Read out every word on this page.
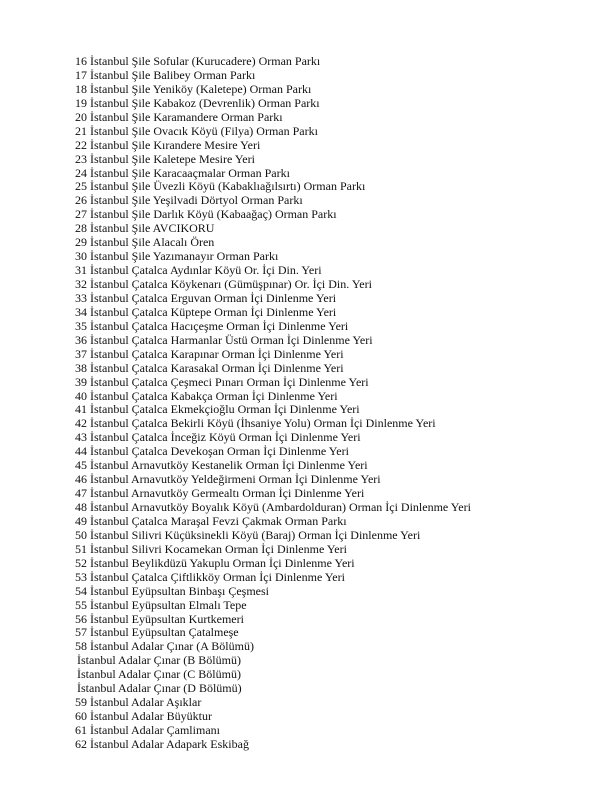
16 İstanbul Şile Sofular (Kurucadere) Orman Parkı
17 İstanbul Şile Balibey Orman Parkı
18 İstanbul Şile Yeniköy (Kaletepe) Orman Parkı
19 İstanbul Şile Kabakoz (Devrenlik) Orman Parkı
20 İstanbul Şile Karamandere Orman Parkı
21 İstanbul Şile Ovacık Köyü (Filya) Orman Parkı
22 İstanbul Şile Kırandere Mesire Yeri
23 İstanbul Şile Kaletepe Mesire Yeri
24 İstanbul Şile Karacaaçmalar Orman Parkı
25 İstanbul Şile Üvezli Köyü (Kabaklıağılsırtı) Orman Parkı
26 İstanbul Şile Yeşilvadi Dörtyol Orman Parkı
27 İstanbul Şile Darlık Köyü (Kabaağaç) Orman Parkı
28 İstanbul Şile AVCIKORU
29 İstanbul Şile Alacalı Ören
30 İstanbul Şile Yazımanayır Orman Parkı
31 İstanbul Çatalca Aydınlar Köyü Or. İçi Din. Yeri
32 İstanbul Çatalca Köykenarı (Gümüşpınar) Or. İçi Din. Yeri
33 İstanbul Çatalca Erguvan Orman İçi Dinlenme Yeri
34 İstanbul Çatalca Küptepe Orman İçi Dinlenme Yeri
35 İstanbul Çatalca Hacıçeşme Orman İçi Dinlenme Yeri
36 İstanbul Çatalca Harmanlar Üstü Orman İçi Dinlenme Yeri
37 İstanbul Çatalca Karapınar Orman İçi Dinlenme Yeri
38 İstanbul Çatalca Karasakal Orman İçi Dinlenme Yeri
39 İstanbul Çatalca Çeşmeci Pınarı Orman İçi Dinlenme Yeri
40 İstanbul Çatalca Kabakça Orman İçi Dinlenme Yeri
41 İstanbul Çatalca Ekmekçioğlu Orman İçi Dinlenme Yeri
42 İstanbul Çatalca Bekirli Köyü (İhsaniye Yolu) Orman İçi Dinlenme Yeri
43 İstanbul Çatalca İnceğiz Köyü Orman İçi Dinlenme Yeri
44 İstanbul Çatalca Devekoşan Orman İçi Dinlenme Yeri
45 İstanbul Arnavutköy Kestanelik Orman İçi Dinlenme Yeri
46 İstanbul Arnavutköy Yeldeğirmeni Orman İçi Dinlenme Yeri
47 İstanbul Arnavutköy Germealtı Orman İçi Dinlenme Yeri
48 İstanbul Arnavutköy Boyalık Köyü (Ambardolduran) Orman İçi Dinlenme Yeri
49 İstanbul Çatalca Maraşal Fevzi Çakmak Orman Parkı
50 İstanbul Silivri Küçüksinekli Köyü (Baraj) Orman İçi Dinlenme Yeri
51 İstanbul Silivri Kocamekan Orman İçi Dinlenme Yeri
52 İstanbul Beylikdüzü Yakuplu Orman İçi Dinlenme Yeri
53 İstanbul Çatalca Çiftlikköy Orman İçi Dinlenme Yeri
54 İstanbul Eyüpsultan Binbaşı Çeşmesi
55 İstanbul Eyüpsultan Elmalı Tepe
56 İstanbul Eyüpsultan Kurtkemeri
57 İstanbul Eyüpsultan Çatalmeşe
58 İstanbul Adalar Çınar (A Bölümü)
İstanbul Adalar Çınar (B Bölümü)
İstanbul Adalar Çınar (C Bölümü)
İstanbul Adalar Çınar (D Bölümü)
59 İstanbul Adalar Aşıklar
60 İstanbul Adalar Büyüktur
61 İstanbul Adalar Çamlimanı
62 İstanbul Adalar Adapark Eskibağ
